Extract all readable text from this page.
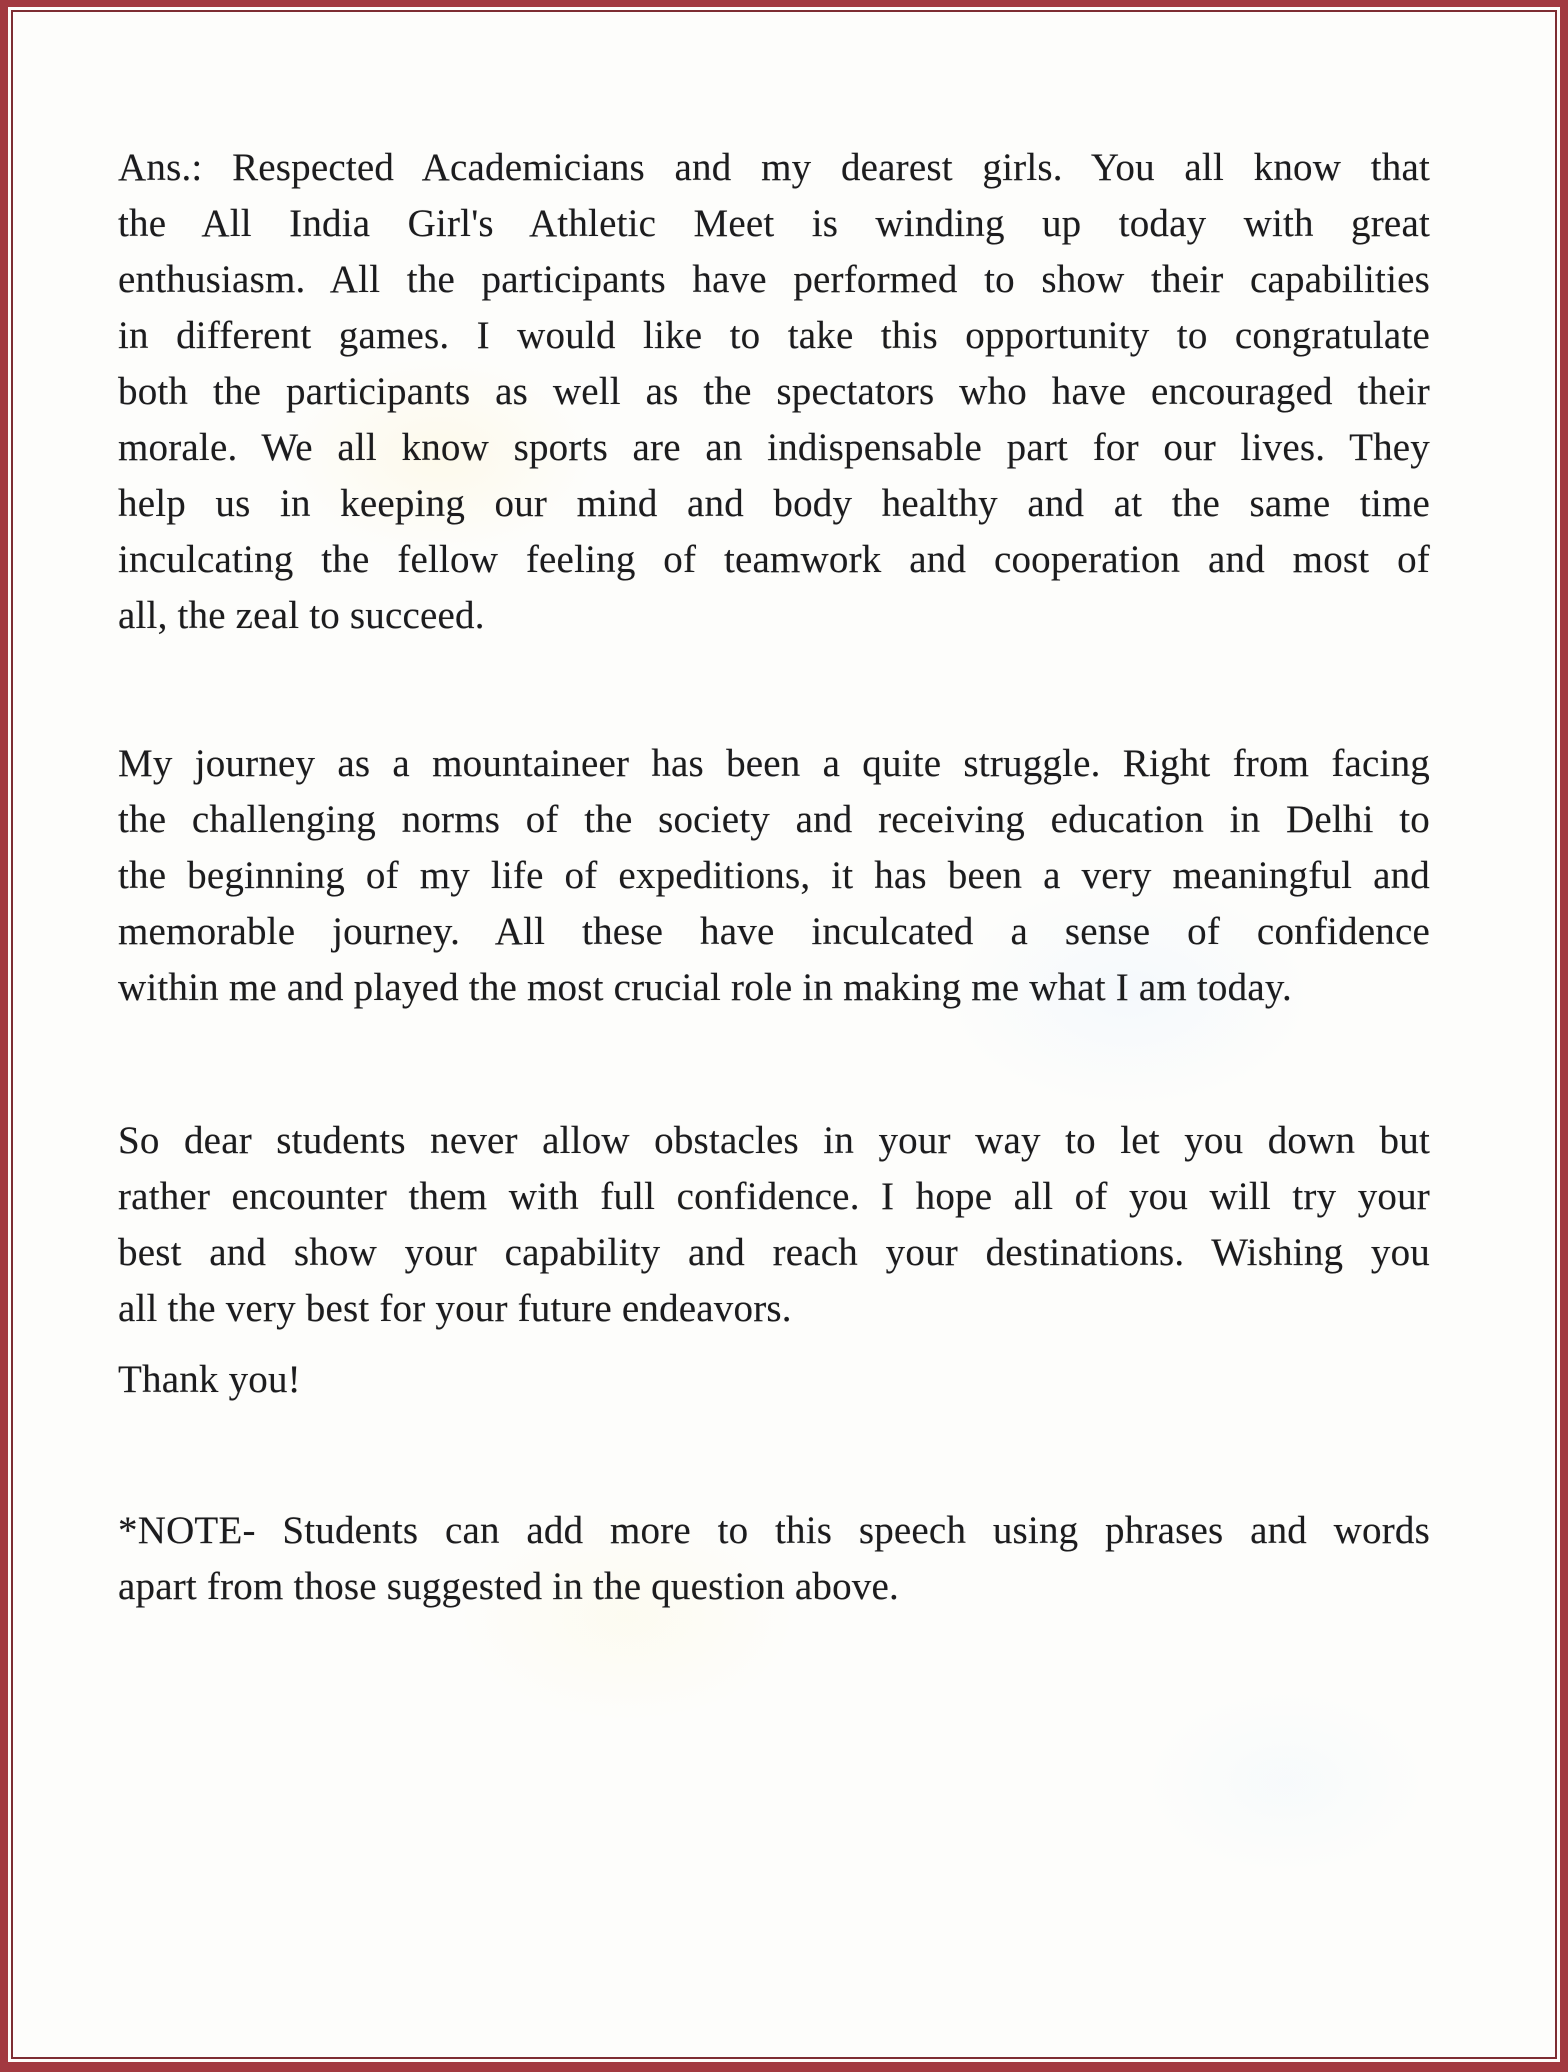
Ans.: Respected Academicians and my dearest girls. You all know that
the All India Girl's Athletic Meet is winding up today with great
enthusiasm. All the participants have performed to show their capabilities
in different games. I would like to take this opportunity to congratulate
both the participants as well as the spectators who have encouraged their
morale. We all know sports are an indispensable part for our lives. They
help us in keeping our mind and body healthy and at the same time
inculcating the fellow feeling of teamwork and cooperation and most of
all, the zeal to succeed.
My journey as a mountaineer has been a quite struggle. Right from facing
the challenging norms of the society and receiving education in Delhi to
the beginning of my life of expeditions, it has been a very meaningful and
memorable journey. All these have inculcated a sense of confidence
within me and played the most crucial role in making me what I am today.
So dear students never allow obstacles in your way to let you down but
rather encounter them with full confidence. I hope all of you will try your
best and show your capability and reach your destinations. Wishing you
all the very best for your future endeavors.
Thank you!
*NOTE- Students can add more to this speech using phrases and words
apart from those suggested in the question above.
